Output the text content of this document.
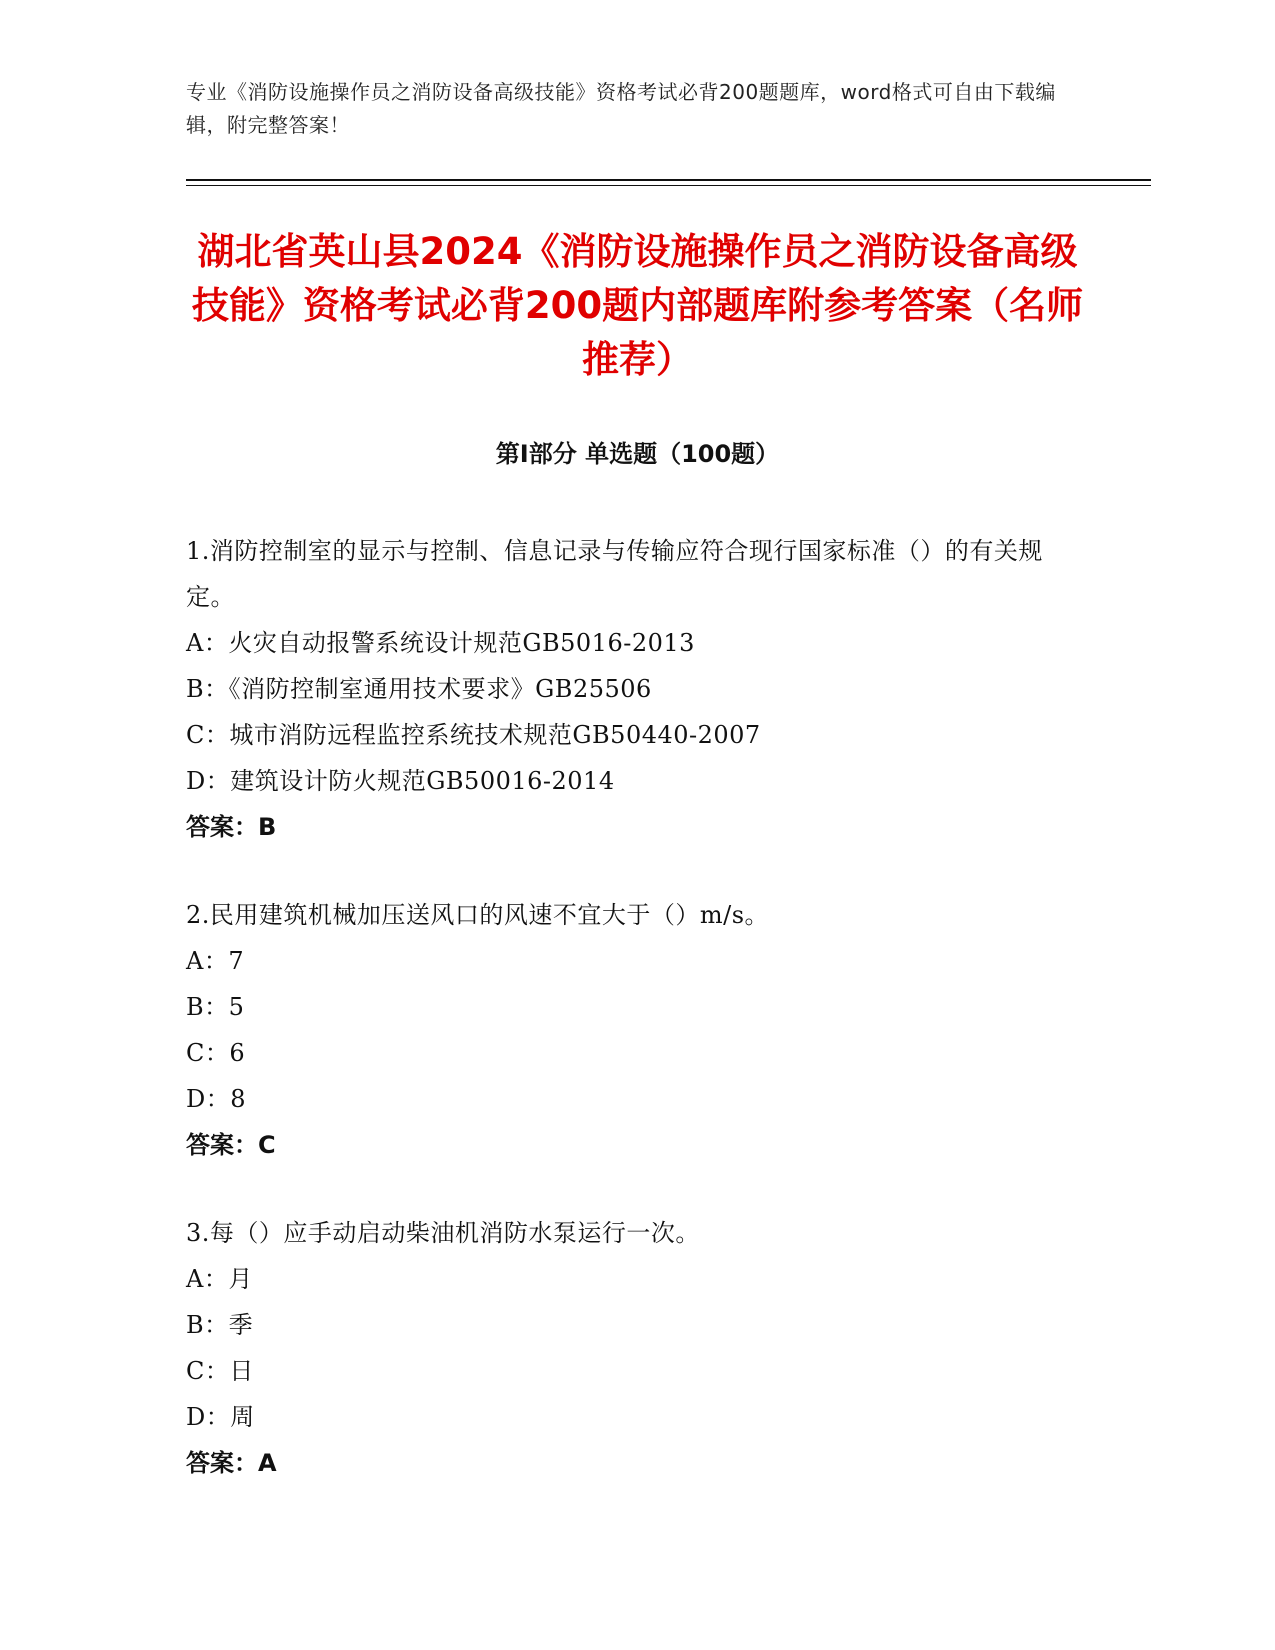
专业《消防设施操作员之消防设备高级技能》资格考试必背200题题库，word格式可自由下载编辑，附完整答案！
湖北省英山县2024《消防设施操作员之消防设备高级技能》资格考试必背200题内部题库附参考答案（名师推荐）
第I部分 单选题（100题）
1.消防控制室的显示与控制、信息记录与传输应符合现行国家标准（）的有关规定。
A：火灾自动报警系统设计规范GB5016-2013
B：《消防控制室通用技术要求》GB25506
C：城市消防远程监控系统技术规范GB50440-2007
D：建筑设计防火规范GB50016-2014
答案：B
2.民用建筑机械加压送风口的风速不宜大于（）m/s。
A：7
B：5
C：6
D：8
答案：C
3.每（）应手动启动柴油机消防水泵运行一次。
A：月
B：季
C：日
D：周
答案：A
